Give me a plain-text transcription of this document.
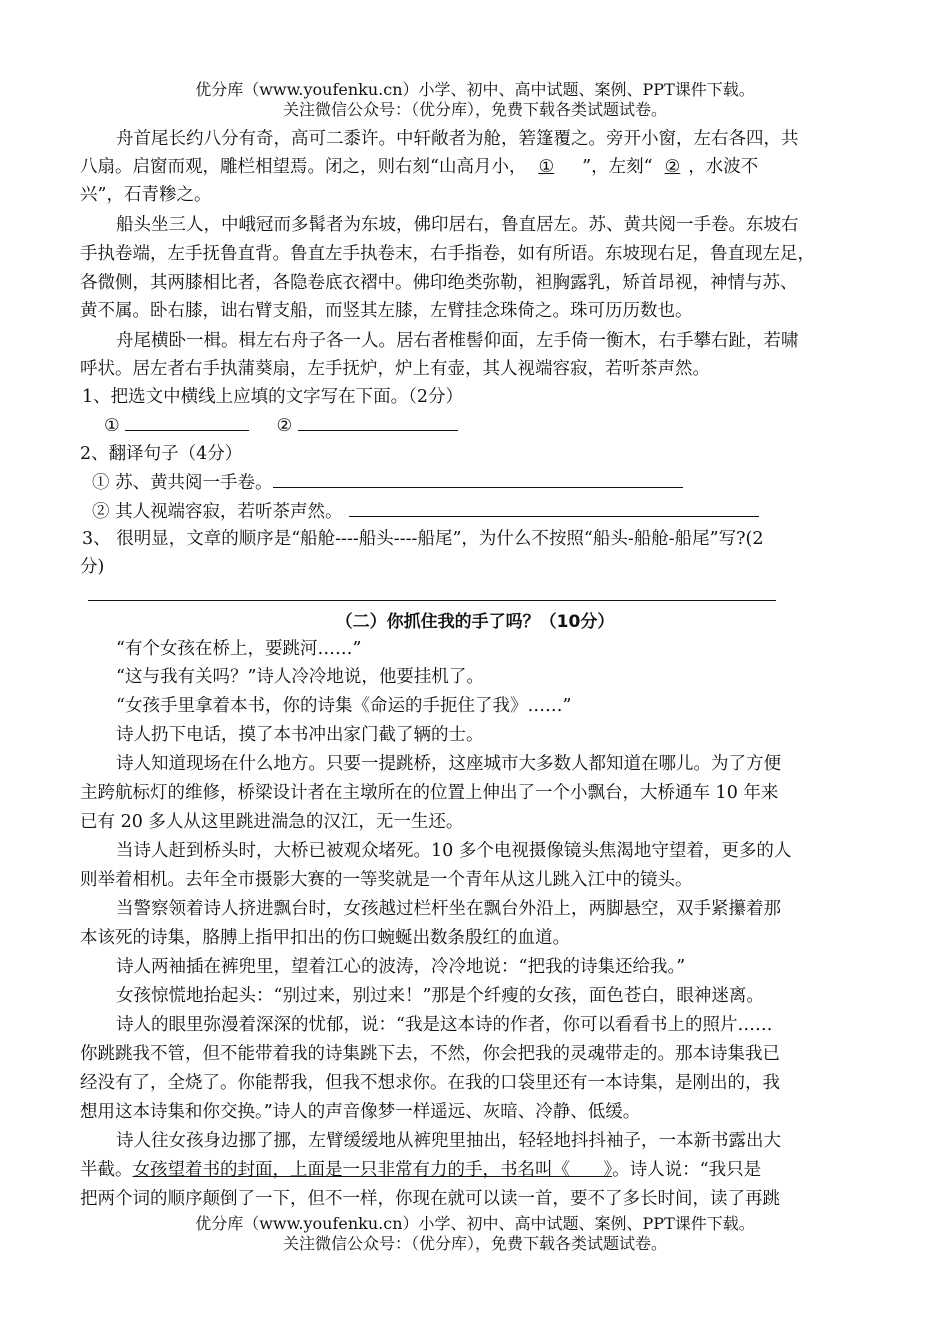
优分库（www.youfenku.cn）小学、初中、高中试题、案例、PPT课件下载。
关注微信公众号：（优分库），免费下载各类试题试卷。
舟首尾长约八分有奇，高可二黍许。中轩敞者为舱，箬篷覆之。旁开小窗，左右各四，共
八扇。启窗而观，雕栏相望焉。闭之，则右刻“山高月小， ① ”，左刻“ ② ，水波不
兴”，石青糁之。
船头坐三人，中峨冠而多髯者为东坡，佛印居右，鲁直居左。苏、黄共阅一手卷。东坡右
手执卷端，左手抚鲁直背。鲁直左手执卷末，右手指卷，如有所语。东坡现右足，鲁直现左足，
各微侧，其两膝相比者，各隐卷底衣褶中。佛印绝类弥勒，袒胸露乳，矫首昂视，神情与苏、
黄不属。卧右膝，诎右臂支船，而竖其左膝，左臂挂念珠倚之。珠可历历数也。
舟尾横卧一楫。楫左右舟子各一人。居右者椎髻仰面，左手倚一衡木，右手攀右趾，若啸
呼状。居左者右手执蒲葵扇，左手抚炉，炉上有壶，其人视端容寂，若听茶声然。
1、把选文中横线上应填的文字写在下面。（2分）
①	②
2、翻译句子（4分）
① 苏、黄共阅一手卷。
② 其人视端容寂，若听茶声然。
3、 很明显，文章的顺序是“船舱----船头----船尾”，为什么不按照“船头-船舱-船尾”写?(2
分)
（二）你抓住我的手了吗？（10分）
“有个女孩在桥上，要跳河……”
“这与我有关吗？”诗人冷冷地说，他要挂机了。
“女孩手里拿着本书，你的诗集《命运的手扼住了我》……”
诗人扔下电话，摸了本书冲出家门截了辆的士。
诗人知道现场在什么地方。只要一提跳桥，这座城市大多数人都知道在哪儿。为了方便
主跨航标灯的维修，桥梁设计者在主墩所在的位置上伸出了一个小飘台，大桥通车 10 年来
已有 20 多人从这里跳进湍急的汉江，无一生还。
当诗人赶到桥头时，大桥已被观众堵死。10 多个电视摄像镜头焦渴地守望着，更多的人
则举着相机。去年全市摄影大赛的一等奖就是一个青年从这儿跳入江中的镜头。
当警察领着诗人挤进飘台时，女孩越过栏杆坐在飘台外沿上，两脚悬空，双手紧攥着那
本该死的诗集，胳膊上指甲扣出的伤口蜿蜒出数条殷红的血道。
诗人两袖插在裤兜里，望着江心的波涛，冷冷地说：“把我的诗集还给我。”
女孩惊慌地抬起头：“别过来，别过来！”那是个纤瘦的女孩，面色苍白，眼神迷离。
诗人的眼里弥漫着深深的忧郁，说：“我是这本诗的作者，你可以看看书上的照片……
你跳跳我不管，但不能带着我的诗集跳下去，不然，你会把我的灵魂带走的。那本诗集我已
经没有了，全烧了。你能帮我，但我不想求你。在我的口袋里还有一本诗集，是刚出的，我
想用这本诗集和你交换。”诗人的声音像梦一样遥远、灰暗、冷静、低缓。
诗人往女孩身边挪了挪，左臂缓缓地从裤兜里抽出，轻轻地抖抖袖子，一本新书露出大
半截。女孩望着书的封面，上面是一只非常有力的手，书名叫《      》。诗人说：“我只是
把两个词的顺序颠倒了一下，但不一样，你现在就可以读一首，要不了多长时间，读了再跳
优分库（www.youfenku.cn）小学、初中、高中试题、案例、PPT课件下载。
关注微信公众号：（优分库），免费下载各类试题试卷。
